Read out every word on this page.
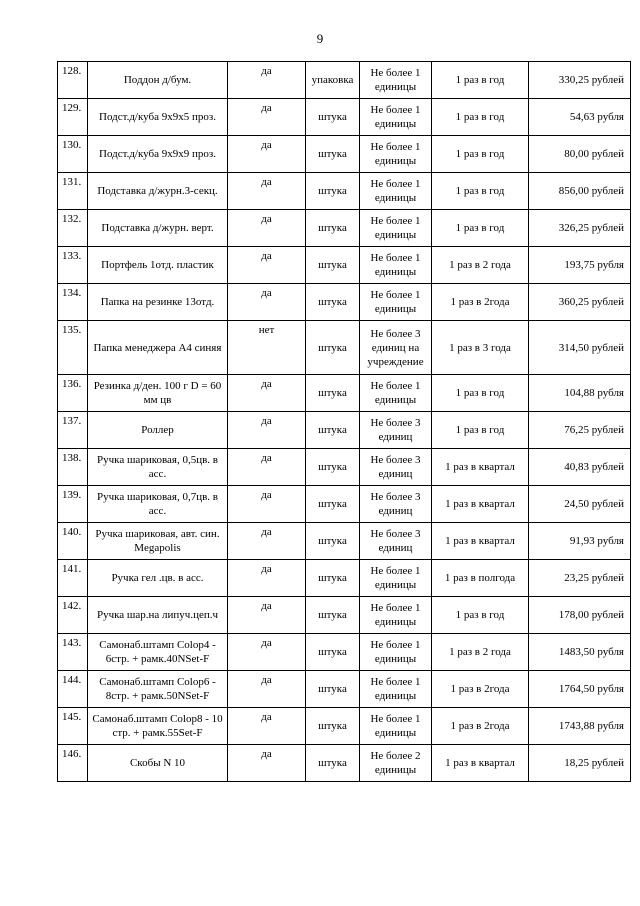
9
128.	Поддон д/бум.	да	упаковка	Не более 1 единицы	1 раз в год	330,25 рублей
129.	Подст.д/куба 9х9х5 проз.	да	штука	Не более 1 единицы	1 раз в год	54,63 рубля
130.	Подст.д/куба 9х9х9 проз.	да	штука	Не более 1 единицы	1 раз в год	80,00 рублей
131.	Подставка д/журн.3-секц.	да	штука	Не более 1 единицы	1 раз в год	856,00 рублей
132.	Подставка д/журн. верт.	да	штука	Не более 1 единицы	1 раз в год	326,25 рублей
133.	Портфель 1отд. пластик	да	штука	Не более 1 единицы	1 раз в 2 года	193,75 рубля
134.	Папка на резинке 13отд.	да	штука	Не более 1 единицы	1 раз в 2года	360,25 рублей
135.	Папка менеджера А4 синяя	нет	штука	Не более 3 единиц на учреждение	1 раз в 3 года	314,50 рублей
136.	Резинка д/ден. 100 г D = 60 мм цв	да	штука	Не более 1 единицы	1 раз в год	104,88 рубля
137.	Роллер	да	штука	Не более 3 единиц	1 раз в год	76,25 рублей
138.	Ручка шариковая, 0,5цв. в асс.	да	штука	Не более 3 единиц	1 раз в квартал	40,83 рублей
139.	Ручка шариковая, 0,7цв. в асс.	да	штука	Не более 3 единиц	1 раз в квартал	24,50 рублей
140.	Ручка шариковая, авт. син. Megapolis	да	штука	Не более 3 единиц	1 раз в квартал	91,93 рубля
141.	Ручка гел .цв. в асс.	да	штука	Не более 1 единицы	1 раз в полгода	23,25 рублей
142.	Ручка шар.на липуч.цеп.ч	да	штука	Не более 1 единицы	1 раз в год	178,00 рублей
143.	Самонаб.штамп Colop4 - 6стр. + рамк.40NSet-F	да	штука	Не более 1 единицы	1 раз в 2 года	1483,50 рубля
144.	Самонаб.штамп Colop6 - 8стр. + рамк.50NSet-F	да	штука	Не более 1 единицы	1 раз в 2года	1764,50 рубля
145.	Самонаб.штамп Colop8 - 10 стр. + рамк.55Set-F	да	штука	Не более 1 единицы	1 раз в 2года	1743,88 рубля
146.	Скобы N 10	да	штука	Не более 2 единицы	1 раз в квартал	18,25 рублей
